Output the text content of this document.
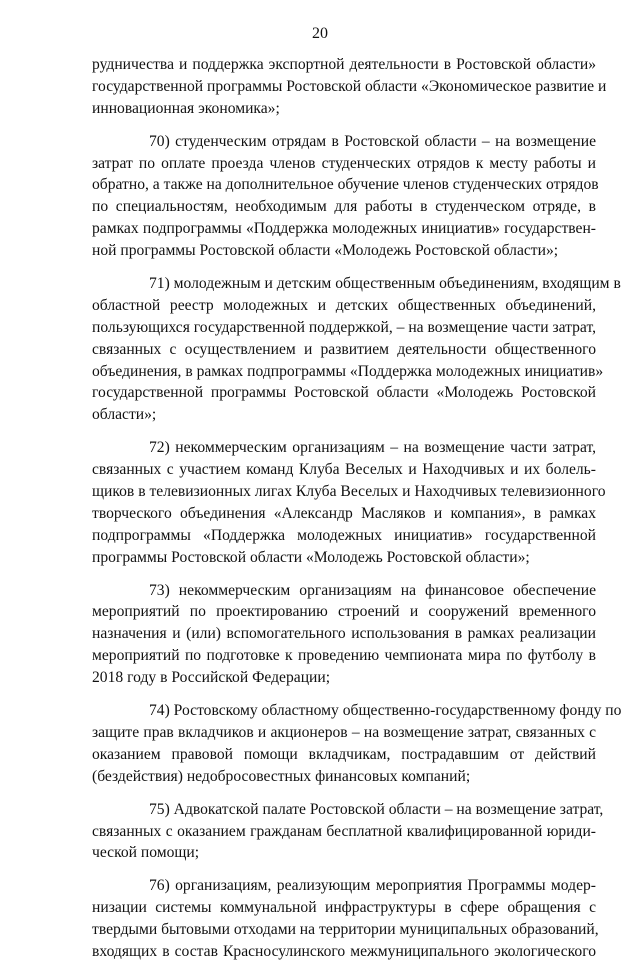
20

рудничества и поддержка экспортной деятельности в Ростовской области»
государственной программы Ростовской области «Экономическое развитие и
инновационная экономика»;

70) студенческим отрядам в Ростовской области – на возмещение
затрат по оплате проезда членов студенческих отрядов к месту работы и
обратно, а также на дополнительное обучение членов студенческих отрядов
по специальностям, необходимым для работы в студенческом отряде, в
рамках подпрограммы «Поддержка молодежных инициатив» государствен-
ной программы Ростовской области «Молодежь Ростовской области»;

71) молодежным и детским общественным объединениям, входящим в
областной реестр молодежных и детских общественных объединений,
пользующихся государственной поддержкой, – на возмещение части затрат,
связанных с осуществлением и развитием деятельности общественного
объединения, в рамках подпрограммы «Поддержка молодежных инициатив»
государственной программы Ростовской области «Молодежь Ростовской
области»;

72) некоммерческим организациям – на возмещение части затрат,
связанных с участием команд Клуба Веселых и Находчивых и их болель-
щиков в телевизионных лигах Клуба Веселых и Находчивых телевизионного
творческого объединения «Александр Масляков и компания», в рамках
подпрограммы «Поддержка молодежных инициатив» государственной
программы Ростовской области «Молодежь Ростовской области»;

73) некоммерческим организациям на финансовое обеспечение
мероприятий по проектированию строений и сооружений временного
назначения и (или) вспомогательного использования в рамках реализации
мероприятий по подготовке к проведению чемпионата мира по футболу в
2018 году в Российской Федерации;

74) Ростовскому областному общественно-государственному фонду по
защите прав вкладчиков и акционеров – на возмещение затрат, связанных с
оказанием правовой помощи вкладчикам, пострадавшим от действий
(бездействия) недобросовестных финансовых компаний;

75) Адвокатской палате Ростовской области – на возмещение затрат,
связанных с оказанием гражданам бесплатной квалифицированной юриди-
ческой помощи;

76) организациям, реализующим мероприятия Программы модер-
низации системы коммунальной инфраструктуры в сфере обращения с
твердыми бытовыми отходами на территории муниципальных образований,
входящих в состав Красносулинского межмуниципального экологического
